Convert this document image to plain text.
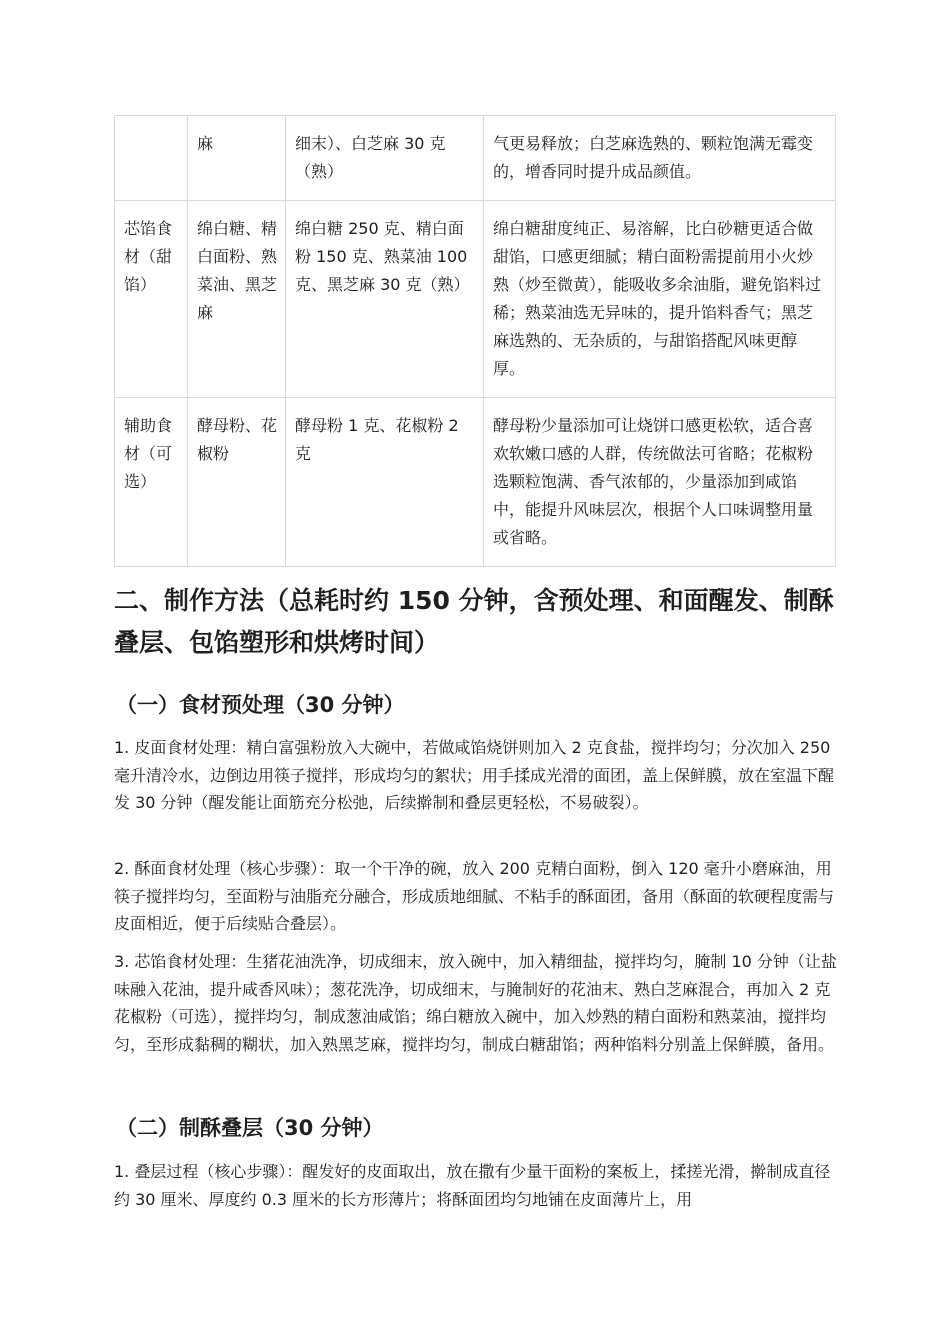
	麻	细末）、白芝麻 30 克（熟）	气更易释放；白芝麻选熟的、颗粒饱满无霉变的，增香同时提升成品颜值。
芯馅食材（甜馅）	绵白糖、精白面粉、熟菜油、黑芝麻	绵白糖 250 克、精白面粉 150 克、熟菜油 100 克、黑芝麻 30 克（熟）	绵白糖甜度纯正、易溶解，比白砂糖更适合做甜馅，口感更细腻；精白面粉需提前用小火炒熟（炒至微黄），能吸收多余油脂，避免馅料过稀；熟菜油选无异味的，提升馅料香气；黑芝麻选熟的、无杂质的，与甜馅搭配风味更醇厚。
辅助食材（可选）	酵母粉、花椒粉	酵母粉 1 克、花椒粉 2 克	酵母粉少量添加可让烧饼口感更松软，适合喜欢软嫩口感的人群，传统做法可省略；花椒粉选颗粒饱满、香气浓郁的，少量添加到咸馅中，能提升风味层次，根据个人口味调整用量或省略。
二、制作方法（总耗时约 150 分钟，含预处理、和面醒发、制酥叠层、包馅塑形和烘烤时间）
（一）食材预处理（30 分钟）

1. 皮面食材处理：精白富强粉放入大碗中，若做咸馅烧饼则加入 2 克食盐，搅拌均匀；分次加入 250 毫升清冷水，边倒边用筷子搅拌，形成均匀的絮状；用手揉成光滑的面团，盖上保鲜膜，放在室温下醒发 30 分钟（醒发能让面筋充分松弛，后续擀制和叠层更轻松，不易破裂）。

2. 酥面食材处理（核心步骤）：取一个干净的碗，放入 200 克精白面粉，倒入 120 毫升小磨麻油，用筷子搅拌均匀，至面粉与油脂充分融合，形成质地细腻、不粘手的酥面团，备用（酥面的软硬程度需与皮面相近，便于后续贴合叠层）。

3. 芯馅食材处理：生猪花油洗净，切成细末，放入碗中，加入精细盐，搅拌均匀，腌制 10 分钟（让盐味融入花油，提升咸香风味）；葱花洗净，切成细末，与腌制好的花油末、熟白芝麻混合，再加入 2 克花椒粉（可选），搅拌均匀，制成葱油咸馅；绵白糖放入碗中，加入炒熟的精白面粉和熟菜油，搅拌均匀，至形成黏稠的糊状，加入熟黑芝麻，搅拌均匀，制成白糖甜馅；两种馅料分别盖上保鲜膜，备用。

（二）制酥叠层（30 分钟）

1. 叠层过程（核心步骤）：醒发好的皮面取出，放在撒有少量干面粉的案板上，揉搓光滑，擀制成直径约 30 厘米、厚度约 0.3 厘米的长方形薄片；将酥面团均匀地铺在皮面薄片上，用
